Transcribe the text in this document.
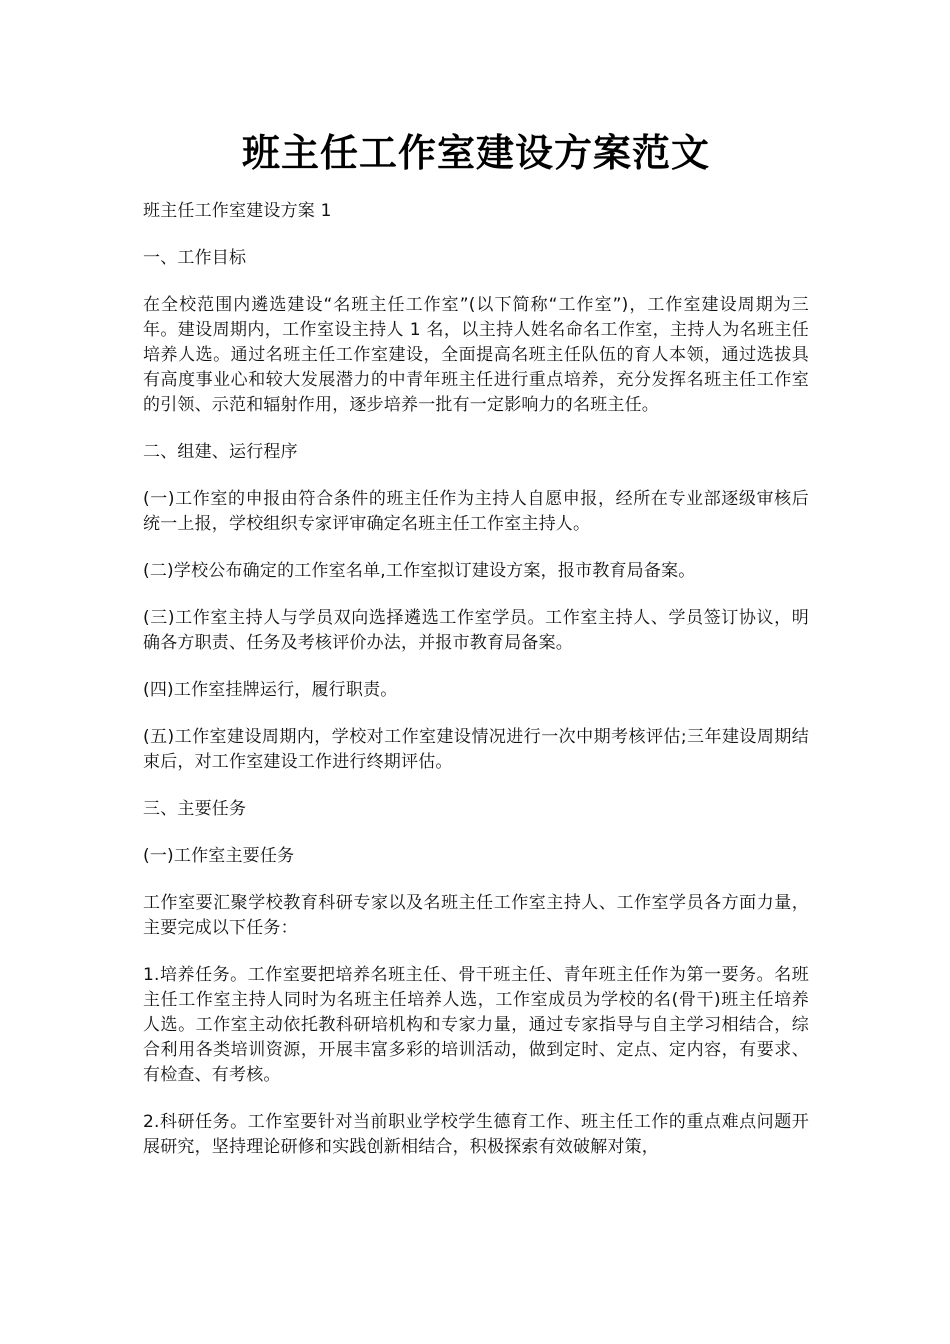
班主任工作室建设方案范文

班主任工作室建设方案 1

一、工作目标

在全校范围内遴选建设“名班主任工作室”(以下简称“工作室”)，工作室建设周期为三年。建设周期内，工作室设主持人 1 名，以主持人姓名命名工作室，主持人为名班主任培养人选。通过名班主任工作室建设，全面提高名班主任队伍的育人本领，通过选拔具有高度事业心和较大发展潜力的中青年班主任进行重点培养，充分发挥名班主任工作室的引领、示范和辐射作用，逐步培养一批有一定影响力的名班主任。

二、组建、运行程序

(一)工作室的申报由符合条件的班主任作为主持人自愿申报，经所在专业部逐级审核后统一上报，学校组织专家评审确定名班主任工作室主持人。

(二)学校公布确定的工作室名单,工作室拟订建设方案，报市教育局备案。

(三)工作室主持人与学员双向选择遴选工作室学员。工作室主持人、学员签订协议，明确各方职责、任务及考核评价办法，并报市教育局备案。

(四)工作室挂牌运行，履行职责。

(五)工作室建设周期内，学校对工作室建设情况进行一次中期考核评估;三年建设周期结束后，对工作室建设工作进行终期评估。

三、主要任务

(一)工作室主要任务

工作室要汇聚学校教育科研专家以及名班主任工作室主持人、工作室学员各方面力量，主要完成以下任务：

1.培养任务。工作室要把培养名班主任、骨干班主任、青年班主任作为第一要务。名班主任工作室主持人同时为名班主任培养人选，工作室成员为学校的名(骨干)班主任培养人选。工作室主动依托教科研培机构和专家力量，通过专家指导与自主学习相结合，综合利用各类培训资源，开展丰富多彩的培训活动，做到定时、定点、定内容，有要求、有检查、有考核。

2.科研任务。工作室要针对当前职业学校学生德育工作、班主任工作的重点难点问题开展研究，坚持理论研修和实践创新相结合，积极探索有效破解对策，
